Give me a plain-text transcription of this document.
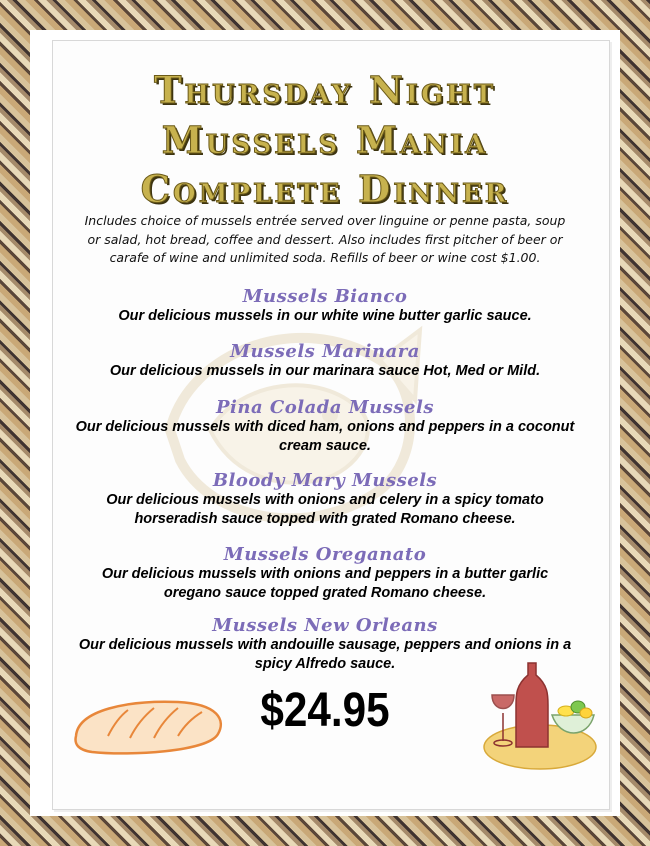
Thursday Night
Mussels Mania
Complete Dinner
Includes choice of mussels entrée served over linguine or penne pasta, soup or salad, hot bread, coffee and dessert. Also includes first pitcher of beer or carafe of wine and unlimited soda. Refills of beer or wine cost $1.00.
Mussels Bianco
Our delicious mussels in our white wine butter garlic sauce.
Mussels Marinara
Our delicious mussels in our marinara sauce Hot, Med or Mild.
Pina Colada Mussels
Our delicious mussels with diced ham, onions and peppers in a coconut cream sauce.
Bloody Mary Mussels
Our delicious mussels with onions and celery in a spicy tomato horseradish sauce topped with grated Romano cheese.
Mussels Oreganato
Our delicious mussels with onions and peppers in a butter garlic oregano sauce topped grated Romano cheese.
Mussels New Orleans
Our delicious mussels with andouille sausage, peppers and onions in a spicy Alfredo sauce.
$24.95
